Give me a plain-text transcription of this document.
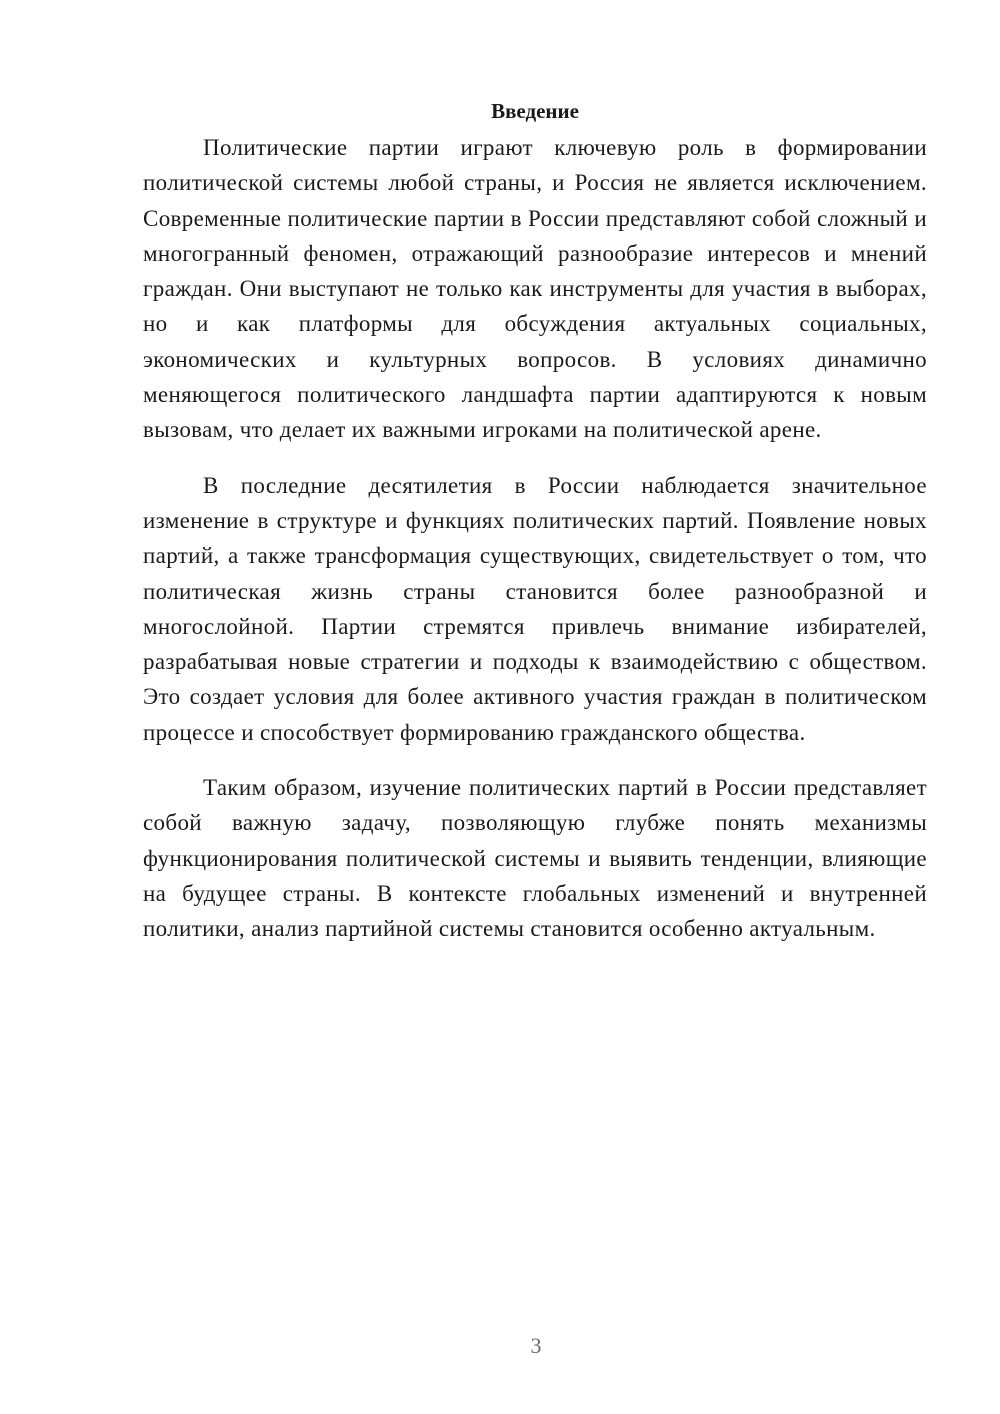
Введение

Политические партии играют ключевую роль в формировании политической системы любой страны, и Россия не является исключением. Современные политические партии в России представляют собой сложный и многогранный феномен, отражающий разнообразие интересов и мнений граждан. Они выступают не только как инструменты для участия в выборах, но и как платформы для обсуждения актуальных социальных, экономических и культурных вопросов. В условиях динамично меняющегося политического ландшафта партии адаптируются к новым вызовам, что делает их важными игроками на политической арене.

В последние десятилетия в России наблюдается значительное изменение в структуре и функциях политических партий. Появление новых партий, а также трансформация существующих, свидетельствует о том, что политическая жизнь страны становится более разнообразной и многослойной. Партии стремятся привлечь внимание избирателей, разрабатывая новые стратегии и подходы к взаимодействию с обществом. Это создает условия для более активного участия граждан в политическом процессе и способствует формированию гражданского общества.

Таким образом, изучение политических партий в России представляет собой важную задачу, позволяющую глубже понять механизмы функционирования политической системы и выявить тенденции, влияющие на будущее страны. В контексте глобальных изменений и внутренней политики, анализ партийной системы становится особенно актуальным.

3
